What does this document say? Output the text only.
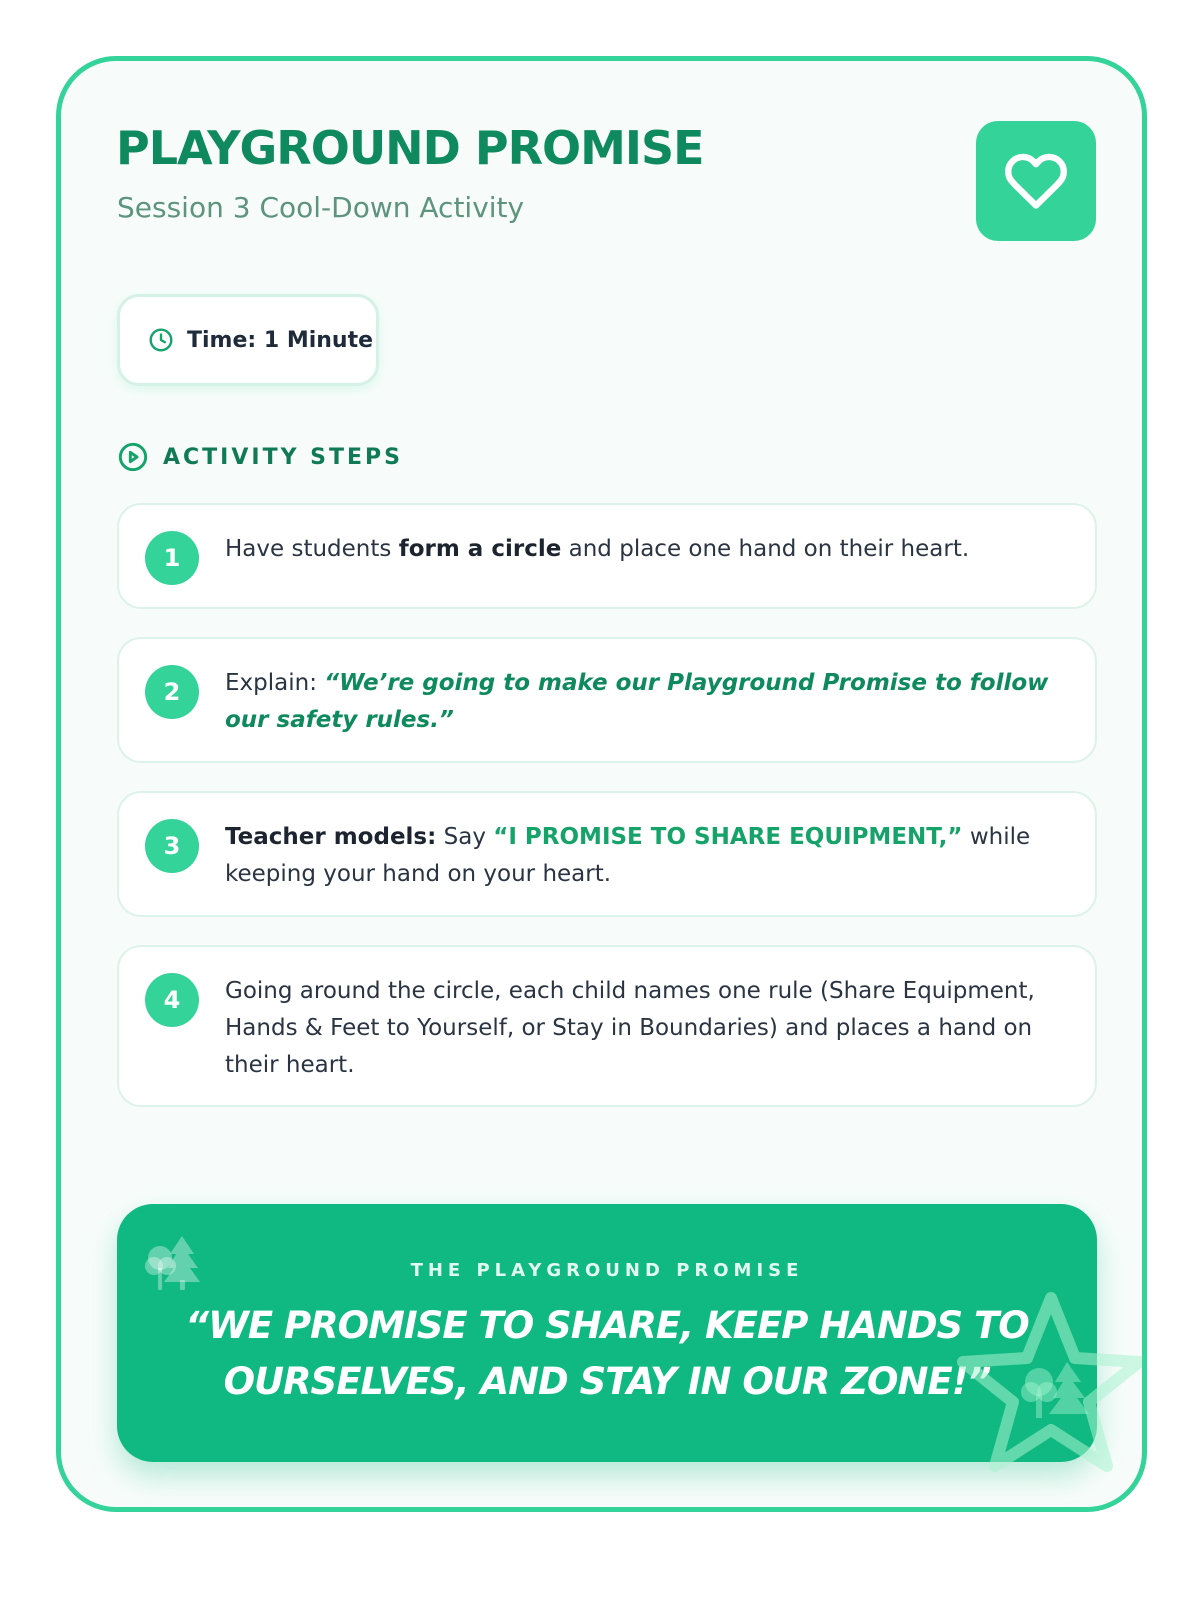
PLAYGROUND PROMISE
Session 3 Cool-Down Activity
Time: 1 Minute
ACTIVITY STEPS
1	Have students form a circle and place one hand on their heart.
2	Explain: “We’re going to make our Playground Promise to follow our safety rules.”
3	Teacher models: Say “I PROMISE TO SHARE EQUIPMENT,” while keeping your hand on your heart.
4	Going around the circle, each child names one rule (Share Equipment, Hands & Feet to Yourself, or Stay in Boundaries) and places a hand on their heart.
THE PLAYGROUND PROMISE
“WE PROMISE TO SHARE, KEEP HANDS TO OURSELVES, AND STAY IN OUR ZONE!”
